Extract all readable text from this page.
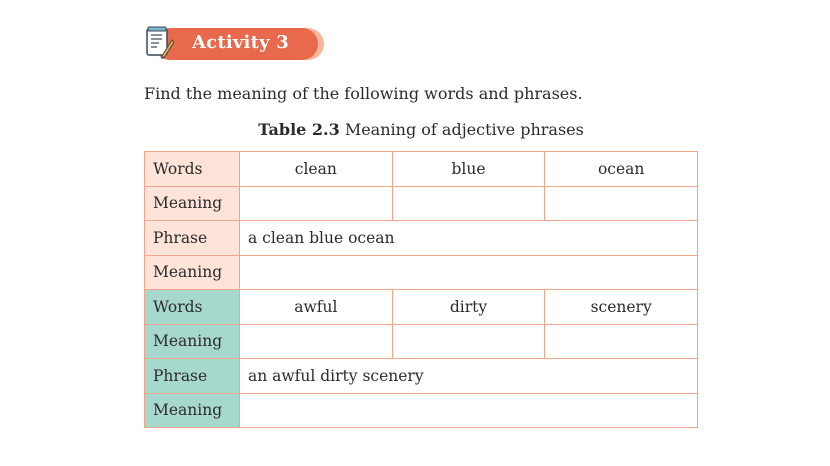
Activity 3
Find the meaning of the following words and phrases.
Table 2.3 Meaning of adjective phrases
Words	clean	blue	ocean
Meaning			
Phrase	a clean blue ocean		
Meaning			
Words	awful	dirty	scenery
Meaning			
Phrase	an awful dirty scenery		
Meaning			
